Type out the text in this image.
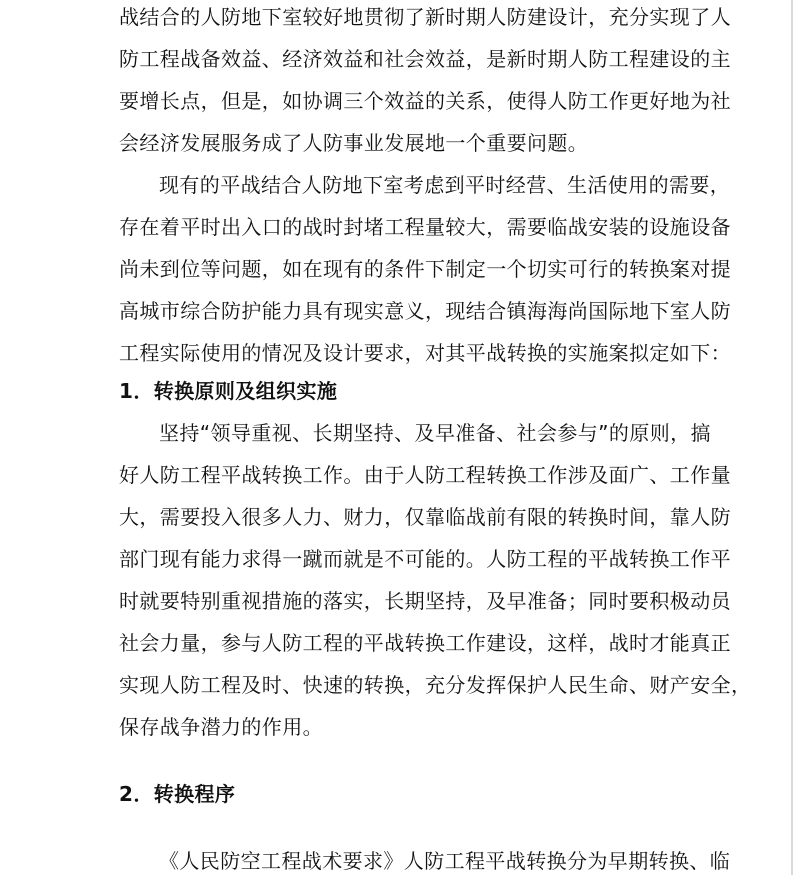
战结合的人防地下室较好地贯彻了新时期人防建设计，充分实现了人
防工程战备效益、经济效益和社会效益，是新时期人防工程建设的主
要增长点，但是，如协调三个效益的关系，使得人防工作更好地为社
会经济发展服务成了人防事业发展地一个重要问题。
现有的平战结合人防地下室考虑到平时经营、生活使用的需要，
存在着平时出入口的战时封堵工程量较大，需要临战安装的设施设备
尚未到位等问题，如在现有的条件下制定一个切实可行的转换案对提
高城市综合防护能力具有现实意义，现结合镇海海尚国际地下室人防
工程实际使用的情况及设计要求，对其平战转换的实施案拟定如下：
1．转换原则及组织实施
坚持“领导重视、长期坚持、及早准备、社会参与”的原则，搞
好人防工程平战转换工作。由于人防工程转换工作涉及面广、工作量
大，需要投入很多人力、财力，仅靠临战前有限的转换时间，靠人防
部门现有能力求得一蹴而就是不可能的。人防工程的平战转换工作平
时就要特别重视措施的落实，长期坚持，及早准备；同时要积极动员
社会力量，参与人防工程的平战转换工作建设，这样，战时才能真正
实现人防工程及时、快速的转换，充分发挥保护人民生命、财产安全，
保存战争潜力的作用。
2．转换程序
《人民防空工程战术要求》人防工程平战转换分为早期转换、临
